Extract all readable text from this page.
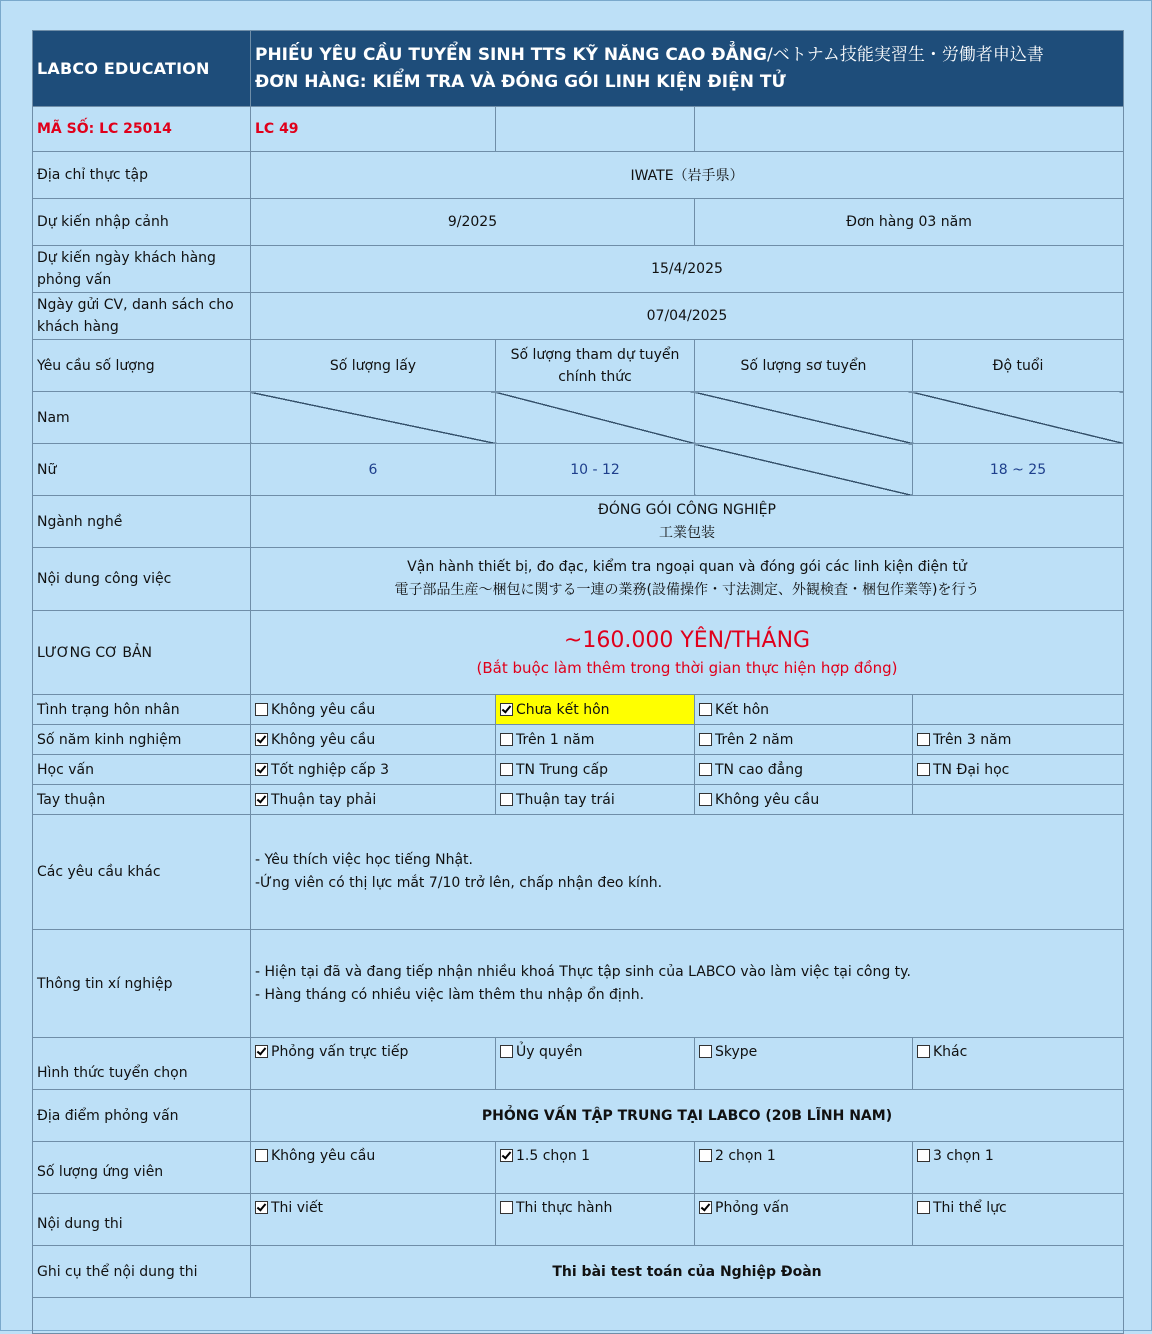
LABCO EDUCATION	PHIẾU YÊU CẦU TUYỂN SINH TTS KỸ NĂNG CAO ĐẲNG/ベトナム技能実習生・労働者申込書
ĐƠN HÀNG: KIỂM TRA VÀ ĐÓNG GÓI LINH KIỆN ĐIỆN TỬ			

MÃ SỐ: LC 25014	LC 49			
Địa chỉ thực tập	IWATE（岩手県）			
Dự kiến nhập cảnh	9/2025		Đơn hàng 03 năm	
Dự kiến ngày khách hàng phỏng vấn	15/4/2025			
Ngày gửi CV, danh sách cho khách hàng	07/04/2025			
Yêu cầu số lượng	Số lượng lấy	Số lượng tham dự tuyển chính thức	Số lượng sơ tuyển	Độ tuổi
Nam				
Nữ	6	10 - 12		18 ~ 25
Ngành nghề	ĐÓNG GÓI CÔNG NGHIỆP
工業包装			

Nội dung công việc	Vận hành thiết bị, đo đạc, kiểm tra ngoại quan và đóng gói các linh kiện điện tử
電子部品生産～梱包に関する一連の業務(設備操作・寸法測定、外観検査・梱包作業等)を行う			

LƯƠNG CƠ BẢN	~160.000 YÊN/THÁNG
(Bắt buộc làm thêm trong thời gian thực hiện hợp đồng)			

Tình trạng hôn nhân	Không yêu cầu	Chưa kết hôn	Kết hôn	
Số năm kinh nghiệm	Không yêu cầu	Trên 1 năm	Trên 2 năm	Trên 3 năm
Học vấn	Tốt nghiệp cấp 3	TN Trung cấp	TN cao đẳng	TN Đại học
Tay thuận	Thuận tay phải	Thuận tay trái	Không yêu cầu	
Các yêu cầu khác	- Yêu thích việc học tiếng Nhật.
-Ứng viên có thị lực mắt 7/10 trở lên, chấp nhận đeo kính.			

Thông tin xí nghiệp	- Hiện tại đã và đang tiếp nhận nhiều khoá Thực tập sinh của LABCO vào làm việc tại công ty.
- Hàng tháng có nhiều việc làm thêm thu nhập ổn định.			

Hình thức tuyển chọn	Phỏng vấn trực tiếp	Ủy quyền	Skype	Khác
Địa điểm phỏng vấn	PHỎNG VẤN TẬP TRUNG TẠI LABCO (20B LĨNH NAM)			
Số lượng ứng viên	Không yêu cầu	1.5 chọn 1	2 chọn 1	3 chọn 1
Nội dung thi	Thi viết	Thi thực hành	Phỏng vấn	Thi thể lực
Ghi cụ thể nội dung thi	Thi bài test toán của Nghiệp Đoàn			
